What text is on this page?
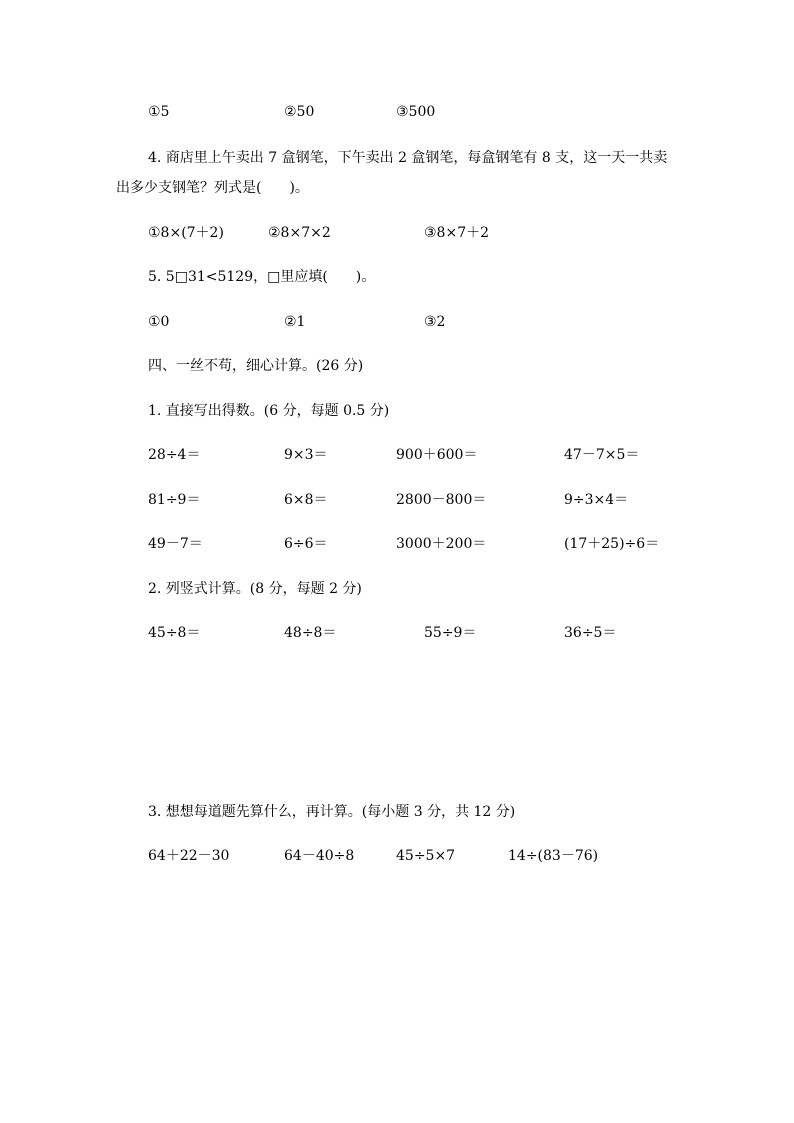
①5	②50	③500
4. 商店里上午卖出 7 盒钢笔，下午卖出 2 盒钢笔，每盒钢笔有 8 支，这一天一共卖出多少支钢笔？列式是(　　)。
①8×(7＋2)	②8×7×2	③8×7＋2
5. 5□31<5129，□里应填(　　)。
①0	②1	③2
四、一丝不苟，细心计算。(26 分)
1. 直接写出得数。(6 分，每题 0.5 分)
28÷4＝	9×3＝	900＋600＝	47－7×5＝
81÷9＝	6×8＝	2800－800＝	9÷3×4＝
49－7＝	6÷6＝	3000＋200＝	(17＋25)÷6＝
2. 列竖式计算。(8 分，每题 2 分)
45÷8＝	48÷8＝	55÷9＝	36÷5＝
3. 想想每道题先算什么，再计算。(每小题 3 分，共 12 分)
64＋22－30	64－40÷8	45÷5×7	14÷(83－76)
